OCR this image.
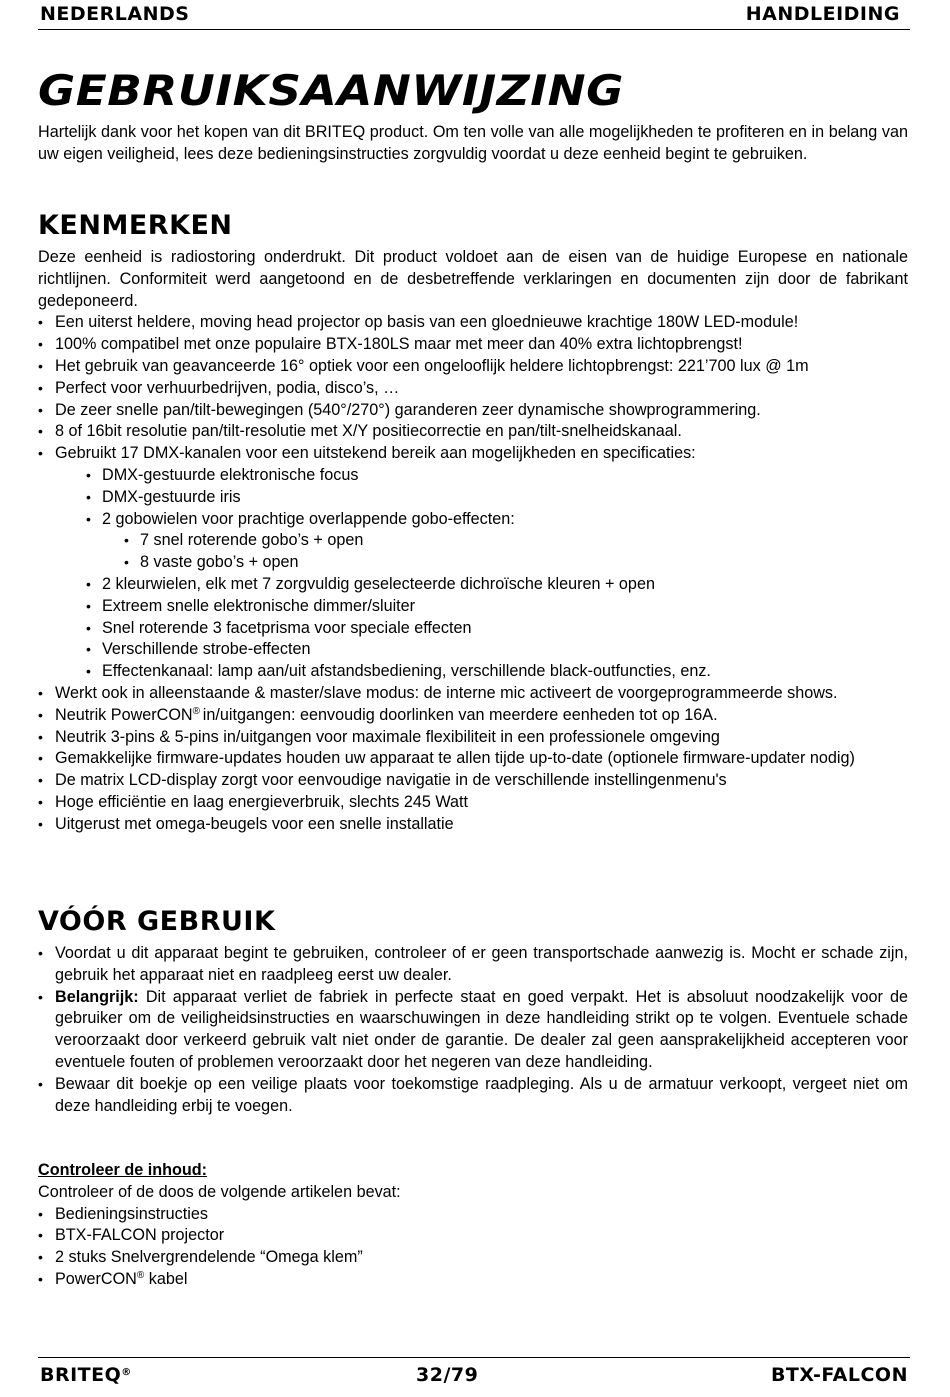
NEDERLANDS	HANDLEIDING
GEBRUIKSAANWIJZING

Hartelijk dank voor het kopen van dit BRITEQ product. Om ten volle van alle mogelijkheden te profiteren en in belang van uw eigen veiligheid, lees deze bedieningsinstructies zorgvuldig voordat u deze eenheid begint te gebruiken.

KENMERKEN

Deze eenheid is radiostoring onderdrukt. Dit product voldoet aan de eisen van de huidige Europese en nationale richtlijnen. Conformiteit werd aangetoond en de desbetreffende verklaringen en documenten zijn door de fabrikant gedeponeerd.

• Een uiterst heldere, moving head projector op basis van een gloednieuwe krachtige 180W LED-module!
• 100% compatibel met onze populaire BTX-180LS maar met meer dan 40% extra lichtopbrengst!
• Het gebruik van geavanceerde 16° optiek voor een ongelooflijk heldere lichtopbrengst: 221’700 lux @ 1m
• Perfect voor verhuurbedrijven, podia, disco’s, …
• De zeer snelle pan/tilt-bewegingen (540°/270°) garanderen zeer dynamische showprogrammering.
• 8 of 16bit resolutie pan/tilt-resolutie met X/Y positiecorrectie en pan/tilt-snelheidskanaal.
• Gebruikt 17 DMX-kanalen voor een uitstekend bereik aan mogelijkheden en specificaties:
• DMX-gestuurde elektronische focus
• DMX-gestuurde iris
• 2 gobowielen voor prachtige overlappende gobo-effecten:
• 7 snel roterende gobo’s + open
• 8 vaste gobo’s + open
• 2 kleurwielen, elk met 7 zorgvuldig geselecteerde dichroïsche kleuren + open
• Extreem snelle elektronische dimmer/sluiter
• Snel roterende 3 facetprisma voor speciale effecten
• Verschillende strobe-effecten
• Effectenkanaal: lamp aan/uit afstandsbediening, verschillende black-outfuncties, enz.
• Werkt ook in alleenstaande & master/slave modus: de interne mic activeert de voorgeprogrammeerde shows.
• Neutrik PowerCON® in/uitgangen: eenvoudig doorlinken van meerdere eenheden tot op 16A.
• Neutrik 3-pins & 5-pins in/uitgangen voor maximale flexibiliteit in een professionele omgeving
• Gemakkelijke firmware-updates houden uw apparaat te allen tijde up-to-date (optionele firmware-updater nodig)
• De matrix LCD-display zorgt voor eenvoudige navigatie in de verschillende instellingenmenu's
• Hoge efficiëntie en laag energieverbruik, slechts 245 Watt
• Uitgerust met omega-beugels voor een snelle installatie
VÓÓR GEBRUIK
• Voordat u dit apparaat begint te gebruiken, controleer of er geen transportschade aanwezig is. Mocht er schade zijn, gebruik het apparaat niet en raadpleeg eerst uw dealer.
• Belangrijk: Dit apparaat verliet de fabriek in perfecte staat en goed verpakt. Het is absoluut noodzakelijk voor de gebruiker om de veiligheidsinstructies en waarschuwingen in deze handleiding strikt op te volgen. Eventuele schade veroorzaakt door verkeerd gebruik valt niet onder de garantie. De dealer zal geen aansprakelijkheid accepteren voor eventuele fouten of problemen veroorzaakt door het negeren van deze handleiding.
• Bewaar dit boekje op een veilige plaats voor toekomstige raadpleging. Als u de armatuur verkoopt, vergeet niet om deze handleiding erbij te voegen.
Controleer de inhoud:

Controleer of de doos de volgende artikelen bevat:

• Bedieningsinstructies
• BTX-FALCON projector
• 2 stuks Snelvergrendelende “Omega klem”
• PowerCON® kabel
BRITEQ®	32/79	BTX-FALCON
